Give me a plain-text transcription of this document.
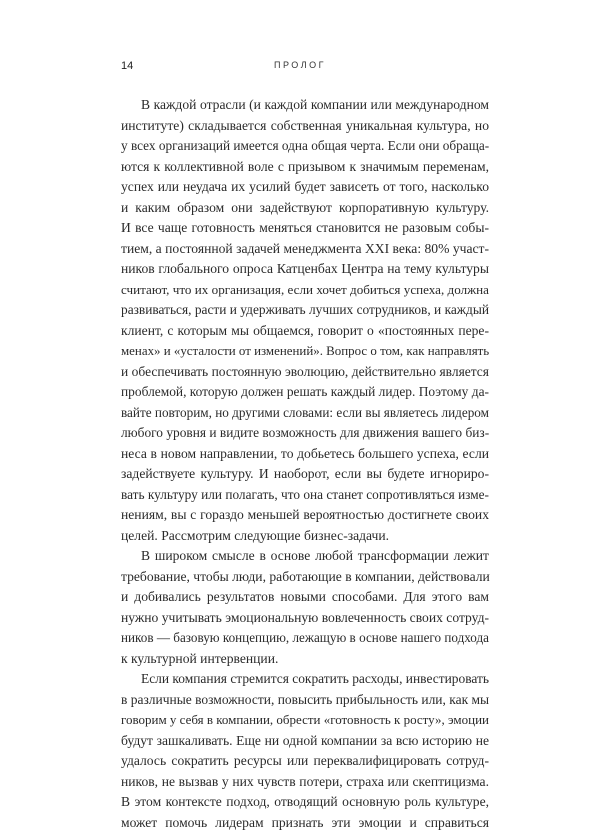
14	ПРОЛОГ
В каждой отрасли (и каждой компании или международном
институте) складывается собственная уникальная культура, но
у всех организаций имеется одна общая черта. Если они обраща-
ются к коллективной воле с призывом к значимым переменам,
успех или неудача их усилий будет зависеть от того, насколько
и каким образом они задействуют корпоративную культуру.
И все чаще готовность меняться становится не разовым собы-
тием, а постоянной задачей менеджмента XXI века: 80% участ-
ников глобального опроса Катценбах Центра на тему культуры
считают, что их организация, если хочет добиться успеха, должна
развиваться, расти и удерживать лучших сотрудников, и каждый
клиент, с которым мы общаемся, говорит о «постоянных пере-
менах» и «усталости от изменений». Вопрос о том, как направлять
и обеспечивать постоянную эволюцию, действительно является
проблемой, которую должен решать каждый лидер. Поэтому да-
вайте повторим, но другими словами: если вы являетесь лидером
любого уровня и видите возможность для движения вашего биз-
неса в новом направлении, то добьетесь большего успеха, если
задействуете культуру. И наоборот, если вы будете игнориро-
вать культуру или полагать, что она станет сопротивляться изме-
нениям, вы с гораздо меньшей вероятностью достигнете своих
целей. Рассмотрим следующие бизнес-задачи.
В широком смысле в основе любой трансформации лежит
требование, чтобы люди, работающие в компании, действовали
и добивались результатов новыми способами. Для этого вам
нужно учитывать эмоциональную вовлеченность своих сотруд-
ников — базовую концепцию, лежащую в основе нашего подхода
к культурной интервенции.
Если компания стремится сократить расходы, инвестировать
в различные возможности, повысить прибыльность или, как мы
говорим у себя в компании, обрести «готовность к росту», эмоции
будут зашкаливать. Еще ни одной компании за всю историю не
удалось сократить ресурсы или переквалифицировать сотруд-
ников, не вызвав у них чувств потери, страха или скептицизма.
В этом контексте подход, отводящий основную роль культуре,
может помочь лидерам признать эти эмоции и справиться
